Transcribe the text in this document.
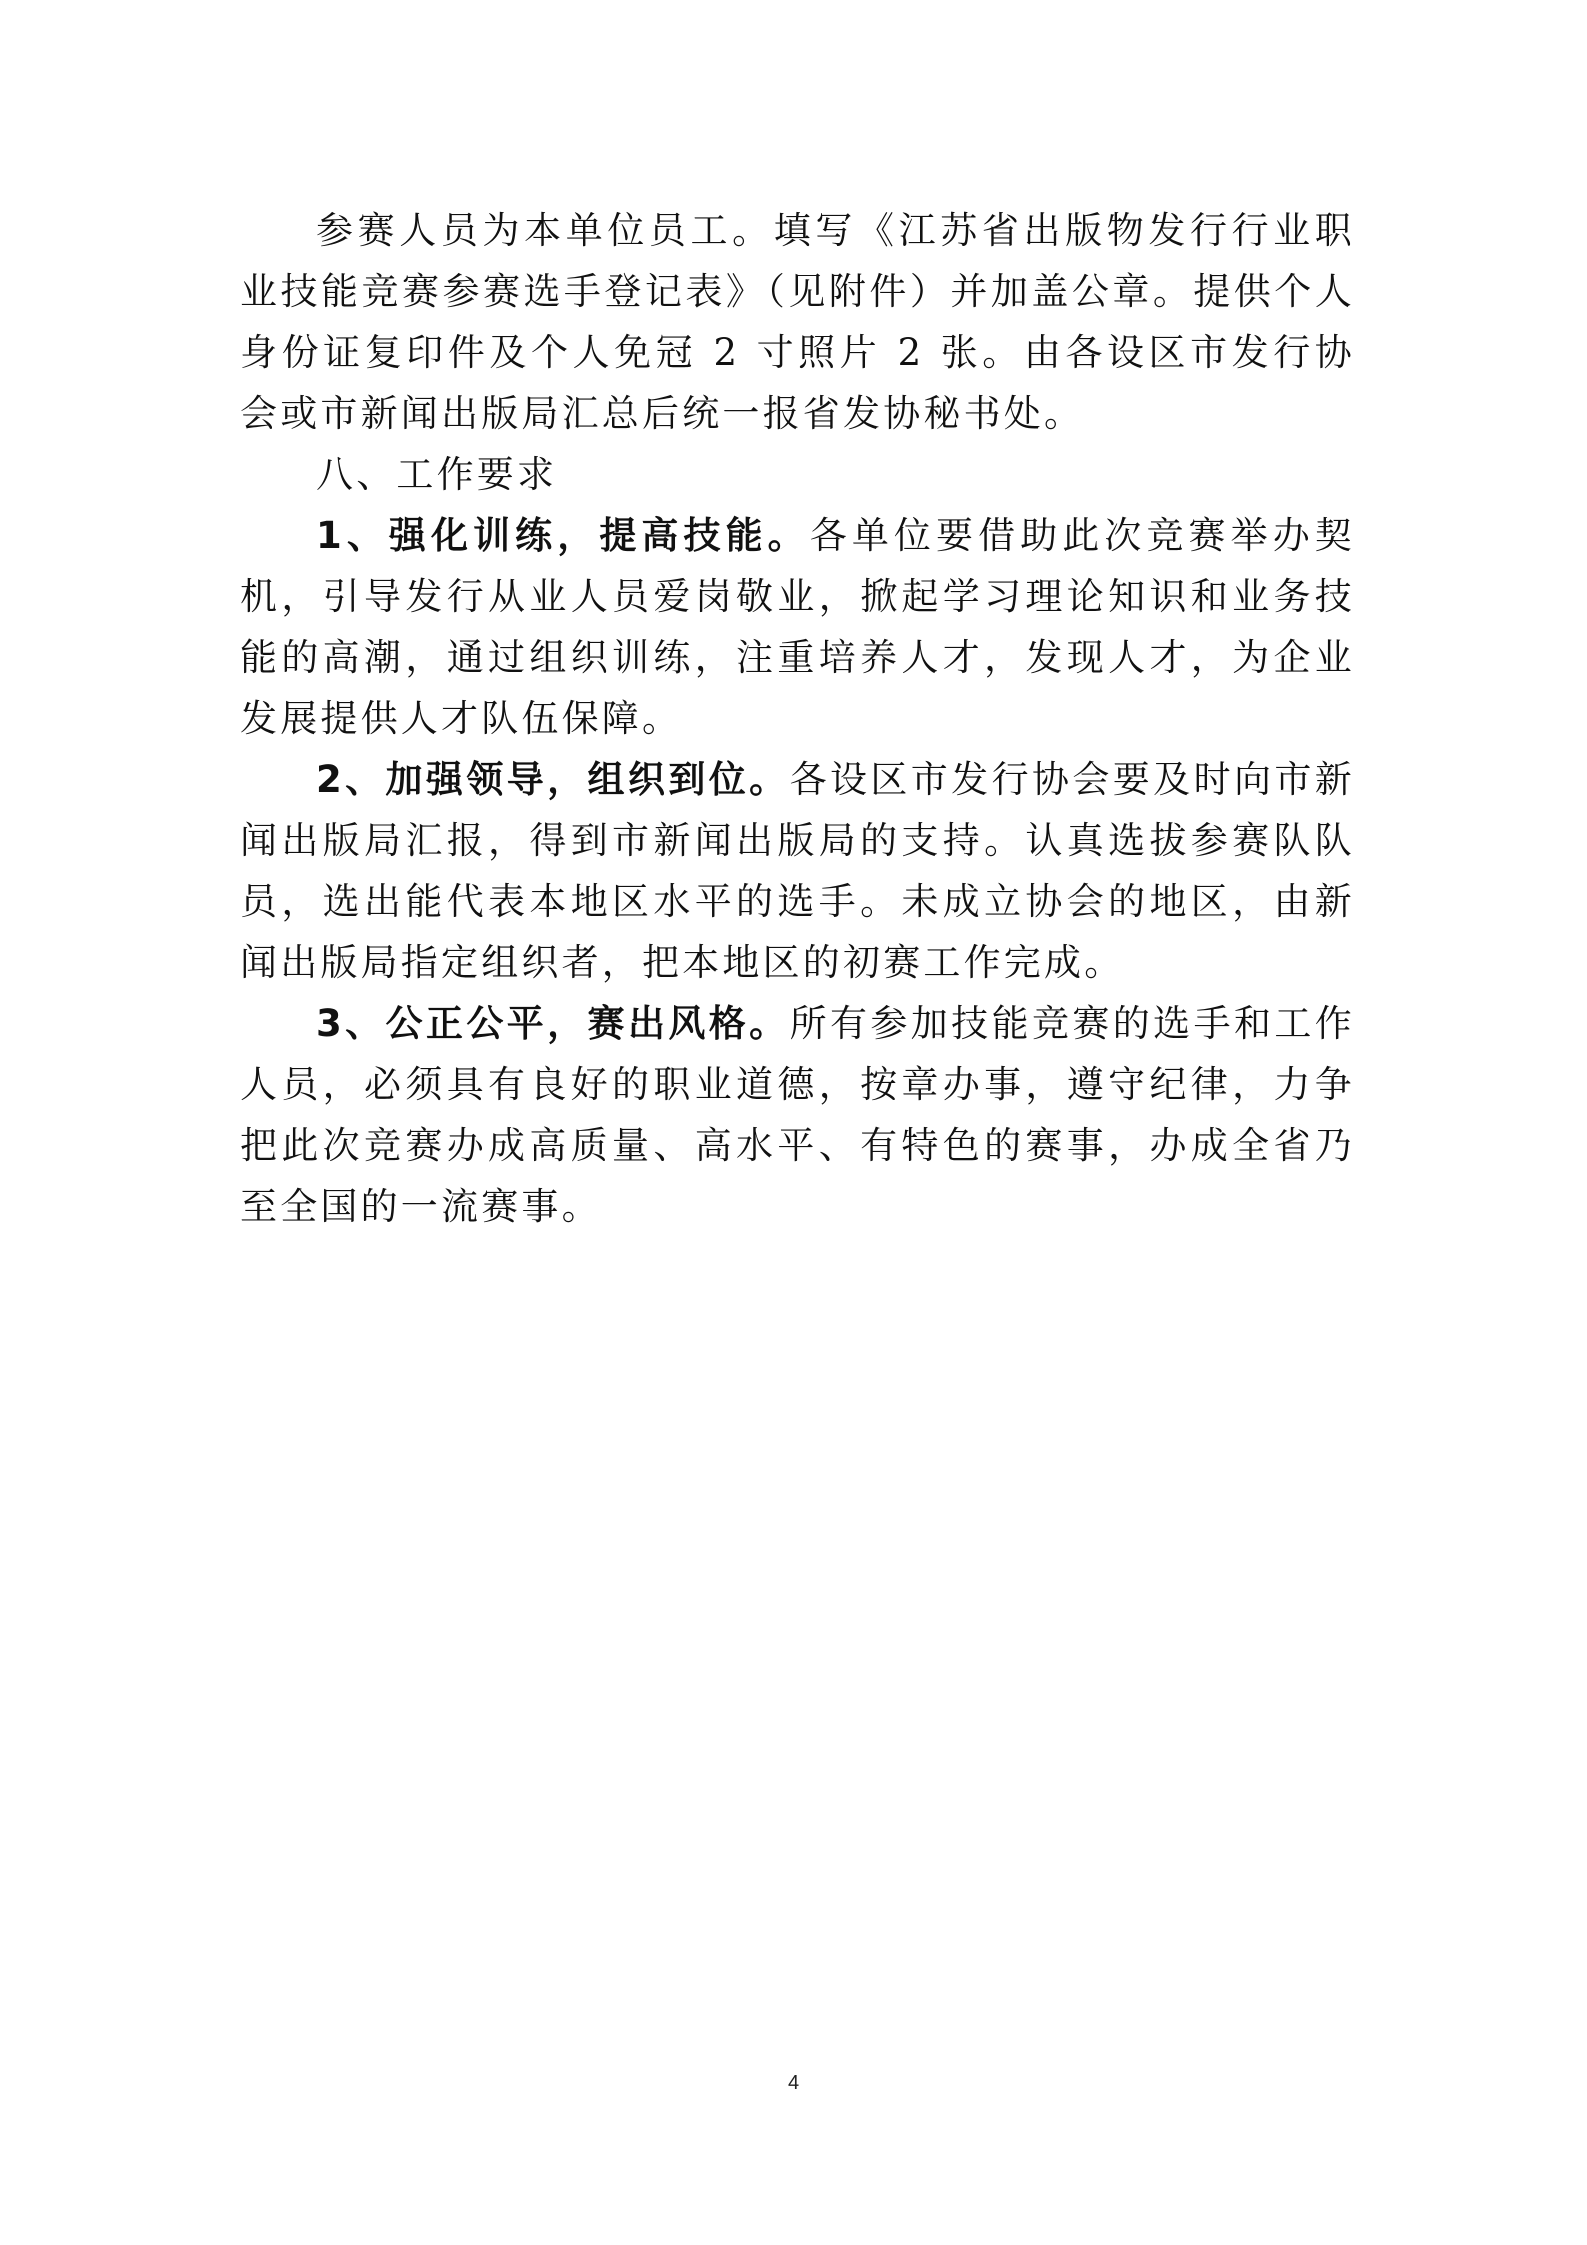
参赛人员为本单位员工。填写《江苏省出版物发行行业职业技能竞赛参赛选手登记表》（见附件）并加盖公章。提供个人身份证复印件及个人免冠 2 寸照片 2 张。由各设区市发行协会或市新闻出版局汇总后统一报省发协秘书处。

八、工作要求

1、强化训练，提高技能。各单位要借助此次竞赛举办契机，引导发行从业人员爱岗敬业，掀起学习理论知识和业务技能的高潮，通过组织训练，注重培养人才，发现人才，为企业发展提供人才队伍保障。

2、加强领导，组织到位。各设区市发行协会要及时向市新闻出版局汇报，得到市新闻出版局的支持。认真选拔参赛队队员，选出能代表本地区水平的选手。未成立协会的地区，由新闻出版局指定组织者，把本地区的初赛工作完成。

3、公正公平，赛出风格。所有参加技能竞赛的选手和工作人员，必须具有良好的职业道德，按章办事，遵守纪律，力争把此次竞赛办成高质量、高水平、有特色的赛事，办成全省乃至全国的一流赛事。

4
